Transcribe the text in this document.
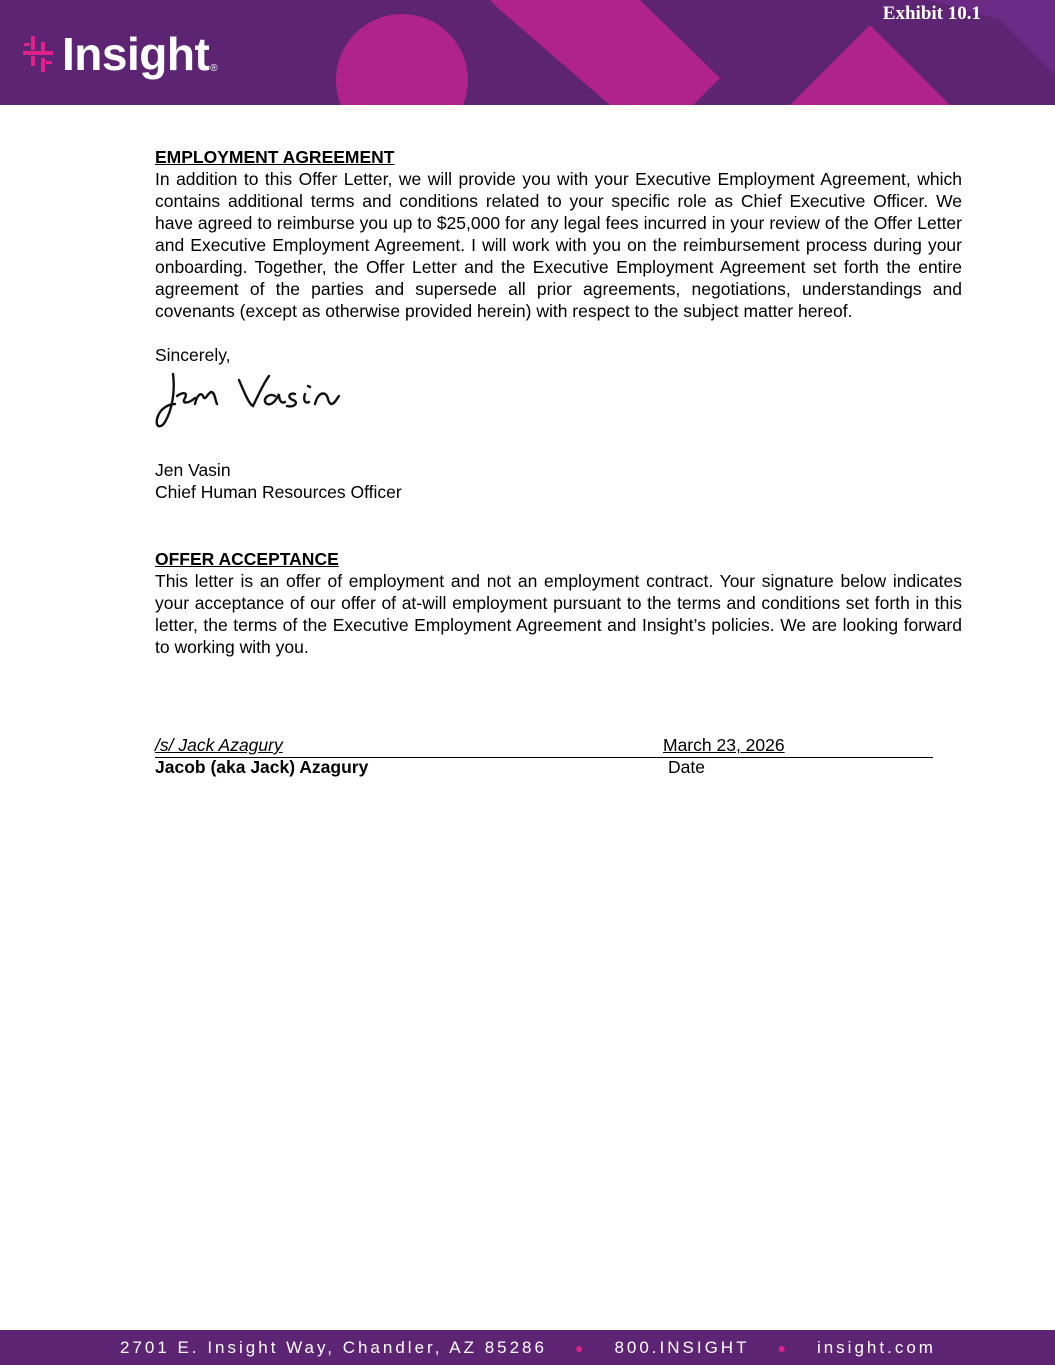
Insight ®
Exhibit 10.1
EMPLOYMENT AGREEMENT

In addition to this Offer Letter, we will provide you with your Executive Employment Agreement, which contains additional terms and conditions related to your specific role as Chief Executive Officer. We have agreed to reimburse you up to $25,000 for any legal fees incurred in your review of the Offer Letter and Executive Employment Agreement. I will work with you on the reimbursement process during your onboarding. Together, the Offer Letter and the Executive Employment Agreement set forth the entire agreement of the parties and supersede all prior agreements, negotiations, understandings and covenants (except as otherwise provided herein) with respect to the subject matter hereof.

Sincerely,
Jen Vasin
Chief Human Resources Officer
OFFER ACCEPTANCE

This letter is an offer of employment and not an employment contract. Your signature below indicates your acceptance of our offer of at-will employment pursuant to the terms and conditions set forth in this letter, the terms of the Executive Employment Agreement and Insight’s policies. We are looking forward to working with you.

/s/ Jack Azagury	March 23, 2026
Jacob (aka Jack) Azagury	Date
2701 E. Insight Way, Chandler, AZ 85286 ● 800.INSIGHT ● insight.com
